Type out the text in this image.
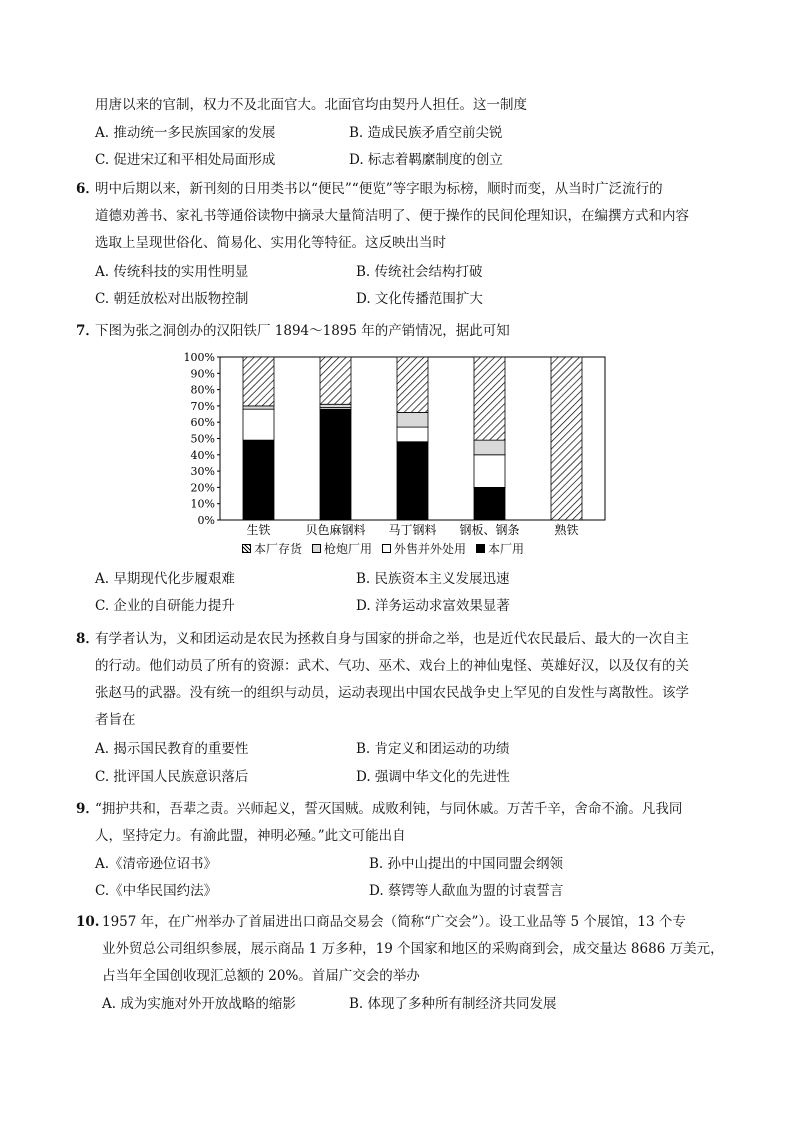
用唐以来的官制，权力不及北面官大。北面官均由契丹人担任。这一制度
A. 推动统一多民族国家的发展	B. 造成民族矛盾空前尖锐
C. 促进宋辽和平相处局面形成	D. 标志着羁縻制度的创立
6．
明中后期以来，新刊刻的日用类书以“便民”“便览”等字眼为标榜，顺时而变，从当时广泛流行的
道德劝善书、家礼书等通俗读物中摘录大量简洁明了、便于操作的民间伦理知识，在编撰方式和内容
选取上呈现世俗化、简易化、实用化等特征。这反映出当时
A. 传统科技的实用性明显	B. 传统社会结构打破
C. 朝廷放松对出版物控制	D. 文化传播范围扩大
7．
下图为张之洞创办的汉阳铁厂 1894～1895 年的产销情况，据此可知
0%
10%
20%
30%
40%
50%
60%
70%
80%
90%
100%
生铁	贝色麻钢料 马丁钢料 钢板、钢条	熟铁
本厂存货 枪炮厂用 外售并外处用 本厂用
A. 早期现代化步履艰难	B. 民族资本主义发展迅速
C. 企业的自研能力提升	D. 洋务运动求富效果显著
8．
有学者认为，义和团运动是农民为拯救自身与国家的拼命之举，也是近代农民最后、最大的一次自主
的行动。他们动员了所有的资源：武术、气功、巫术、戏台上的神仙鬼怪、英雄好汉，以及仅有的关
张赵马的武器。没有统一的组织与动员，运动表现出中国农民战争史上罕见的自发性与离散性。该学
者旨在
A. 揭示国民教育的重要性	B. 肯定义和团运动的功绩
C. 批评国人民族意识落后	D. 强调中华文化的先进性
9．
“拥护共和，吾辈之责。兴师起义，誓灭国贼。成败利钝，与同休戚。万苦千辛，舍命不渝。凡我同
人，坚持定力。有渝此盟，神明必殛。”此文可能出自
A.《清帝逊位诏书》	B. 孙中山提出的中国同盟会纲领
C.《中华民国约法》	D. 蔡锷等人歃血为盟的讨袁誓言
10. 1957 年，在广州举办了首届进出口商品交易会（简称“广交会”）。设工业品等 5 个展馆，13 个专
业外贸总公司组织参展，展示商品 1 万多种，19 个国家和地区的采购商到会，成交量达 8686 万美元，
占当年全国创收现汇总额的 20%。首届广交会的举办
A. 成为实施对外开放战略的缩影	B. 体现了多种所有制经济共同发展
